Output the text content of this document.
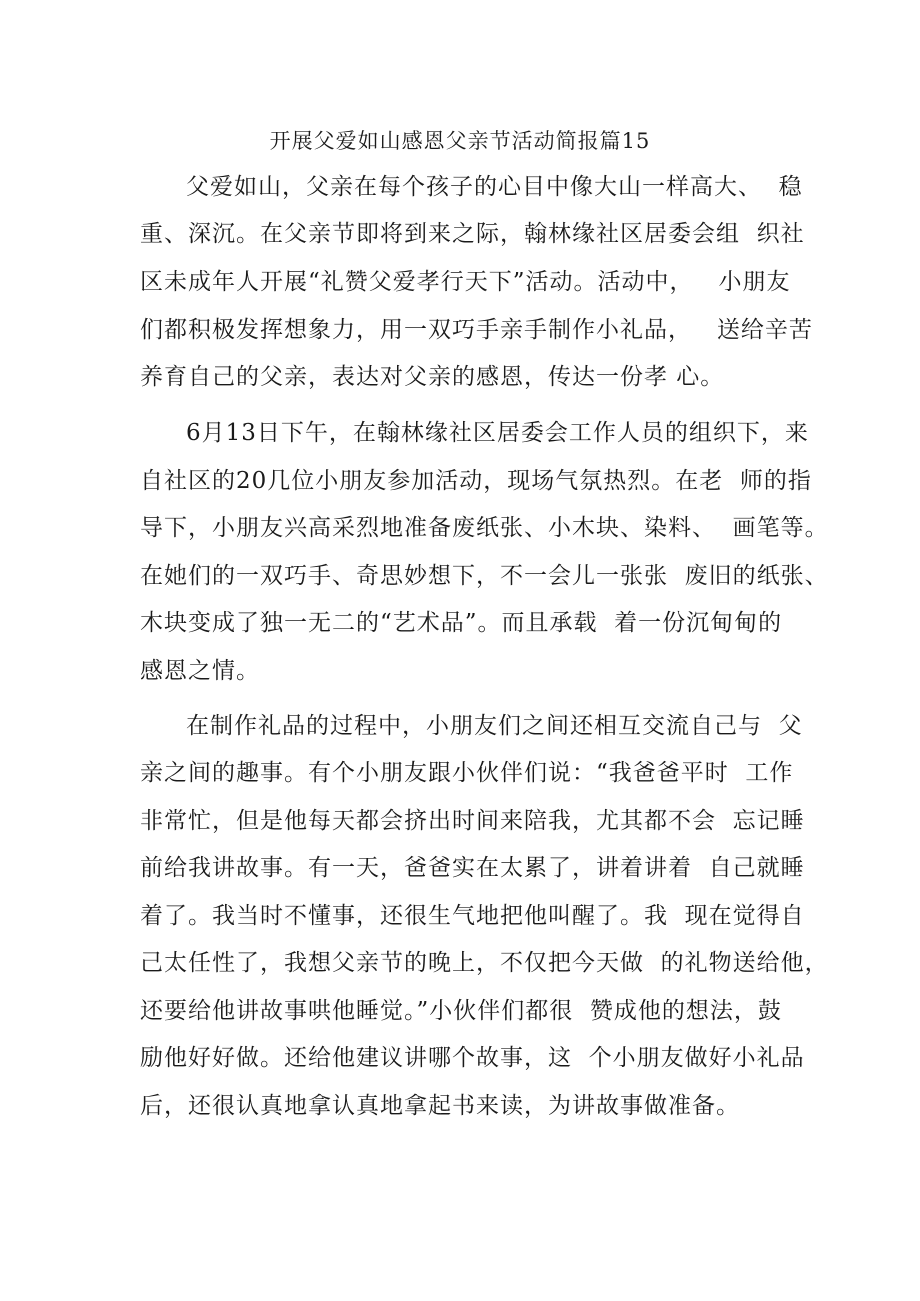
开展父爱如山感恩父亲节活动简报篇15
父爱如山，父亲在每个孩子的心目中像大山一样高大、  稳
重、深沉。在父亲节即将到来之际，翰林缘社区居委会组  织社
区未成年人开展“礼赞父爱孝行天下”活动。活动中，   小朋友
们都积极发挥想象力，用一双巧手亲手制作小礼品，   送给辛苦
养育自己的父亲，表达对父亲的感恩，传达一份孝 心。
6月13日下午，在翰林缘社区居委会工作人员的组织下，来
自社区的20几位小朋友参加活动，现场气氛热烈。在老  师的指
导下，小朋友兴高采烈地准备废纸张、小木块、染料、  画笔等。
在她们的一双巧手、奇思妙想下，不一会儿一张张  废旧的纸张、
木块变成了独一无二的“艺术品”。而且承载  着一份沉甸甸的
感恩之情。
在制作礼品的过程中，小朋友们之间还相互交流自己与  父
亲之间的趣事。有个小朋友跟小伙伴们说：“我爸爸平时  工作
非常忙，但是他每天都会挤出时间来陪我，尤其都不会  忘记睡
前给我讲故事。有一天，爸爸实在太累了，讲着讲着  自己就睡
着了。我当时不懂事，还很生气地把他叫醒了。我  现在觉得自
己太任性了，我想父亲节的晚上，不仅把今天做  的礼物送给他，
还要给他讲故事哄他睡觉。”小伙伴们都很  赞成他的想法，鼓
励他好好做。还给他建议讲哪个故事，这  个小朋友做好小礼品
后，还很认真地拿认真地拿起书来读，为讲故事做准备。
